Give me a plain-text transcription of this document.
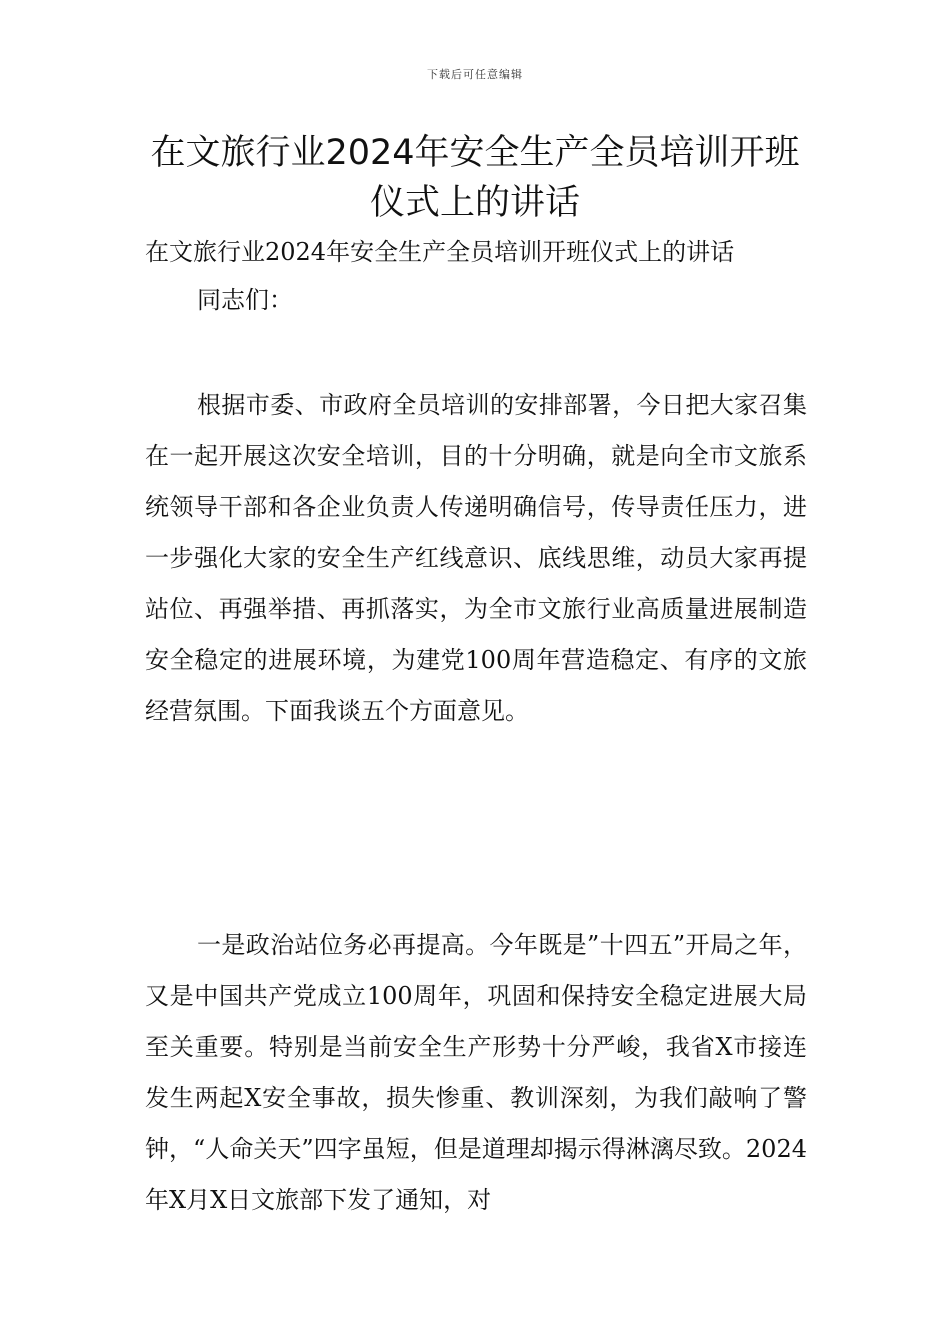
下载后可任意编辑
在文旅行业2024年安全生产全员培训开班仪式上的讲话

在文旅行业2024年安全生产全员培训开班仪式上的讲话

同志们：

根据市委、市政府全员培训的安排部署，今日把大家召集在一起开展这次安全培训，目的十分明确，就是向全市文旅系统领导干部和各企业负责人传递明确信号，传导责任压力，进一步强化大家的安全生产红线意识、底线思维，动员大家再提站位、再强举措、再抓落实，为全市文旅行业高质量进展制造安全稳定的进展环境，为建党100周年营造稳定、有序的文旅经营氛围。下面我谈五个方面意见。

一是政治站位务必再提高。今年既是”十四五”开局之年，又是中国共产党成立100周年，巩固和保持安全稳定进展大局至关重要。特别是当前安全生产形势十分严峻，我省X市接连发生两起X安全事故，损失惨重、教训深刻，为我们敲响了警钟，“人命关天”四字虽短，但是道理却揭示得淋漓尽致。2024年X月X日文旅部下发了通知，对
